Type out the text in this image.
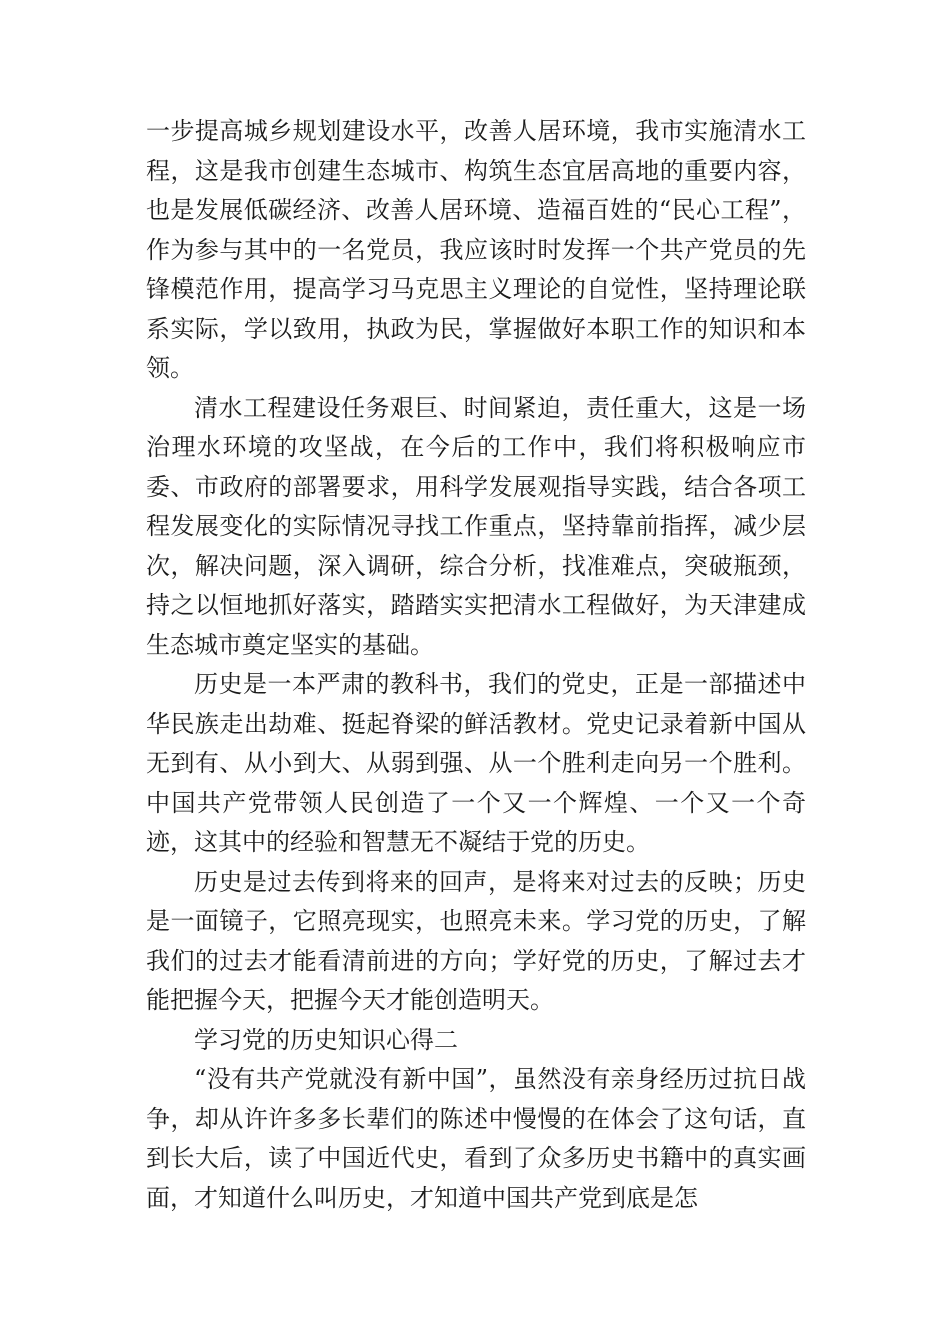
一步提高城乡规划建设水平，改善人居环境，我市实施清水工程，这是我市创建生态城市、构筑生态宜居高地的重要内容，也是发展低碳经济、改善人居环境、造福百姓的“民心工程”，作为参与其中的一名党员，我应该时时发挥一个共产党员的先锋模范作用，提高学习马克思主义理论的自觉性，坚持理论联系实际，学以致用，执政为民，掌握做好本职工作的知识和本领。

清水工程建设任务艰巨、时间紧迫，责任重大，这是一场治理水环境的攻坚战，在今后的工作中，我们将积极响应市委、市政府的部署要求，用科学发展观指导实践，结合各项工程发展变化的实际情况寻找工作重点，坚持靠前指挥，减少层次，解决问题，深入调研，综合分析，找准难点，突破瓶颈，持之以恒地抓好落实，踏踏实实把清水工程做好，为天津建成生态城市奠定坚实的基础。

历史是一本严肃的教科书，我们的党史，正是一部描述中华民族走出劫难、挺起脊梁的鲜活教材。党史记录着新中国从无到有、从小到大、从弱到强、从一个胜利走向另一个胜利。中国共产党带领人民创造了一个又一个辉煌、一个又一个奇迹，这其中的经验和智慧无不凝结于党的历史。

历史是过去传到将来的回声，是将来对过去的反映；历史是一面镜子，它照亮现实，也照亮未来。学习党的历史，了解我们的过去才能看清前进的方向；学好党的历史，了解过去才能把握今天，把握今天才能创造明天。

学习党的历史知识心得二

“没有共产党就没有新中国”，虽然没有亲身经历过抗日战争，却从许许多多长辈们的陈述中慢慢的在体会了这句话，直到长大后，读了中国近代史，看到了众多历史书籍中的真实画面，才知道什么叫历史，才知道中国共产党到底是怎
